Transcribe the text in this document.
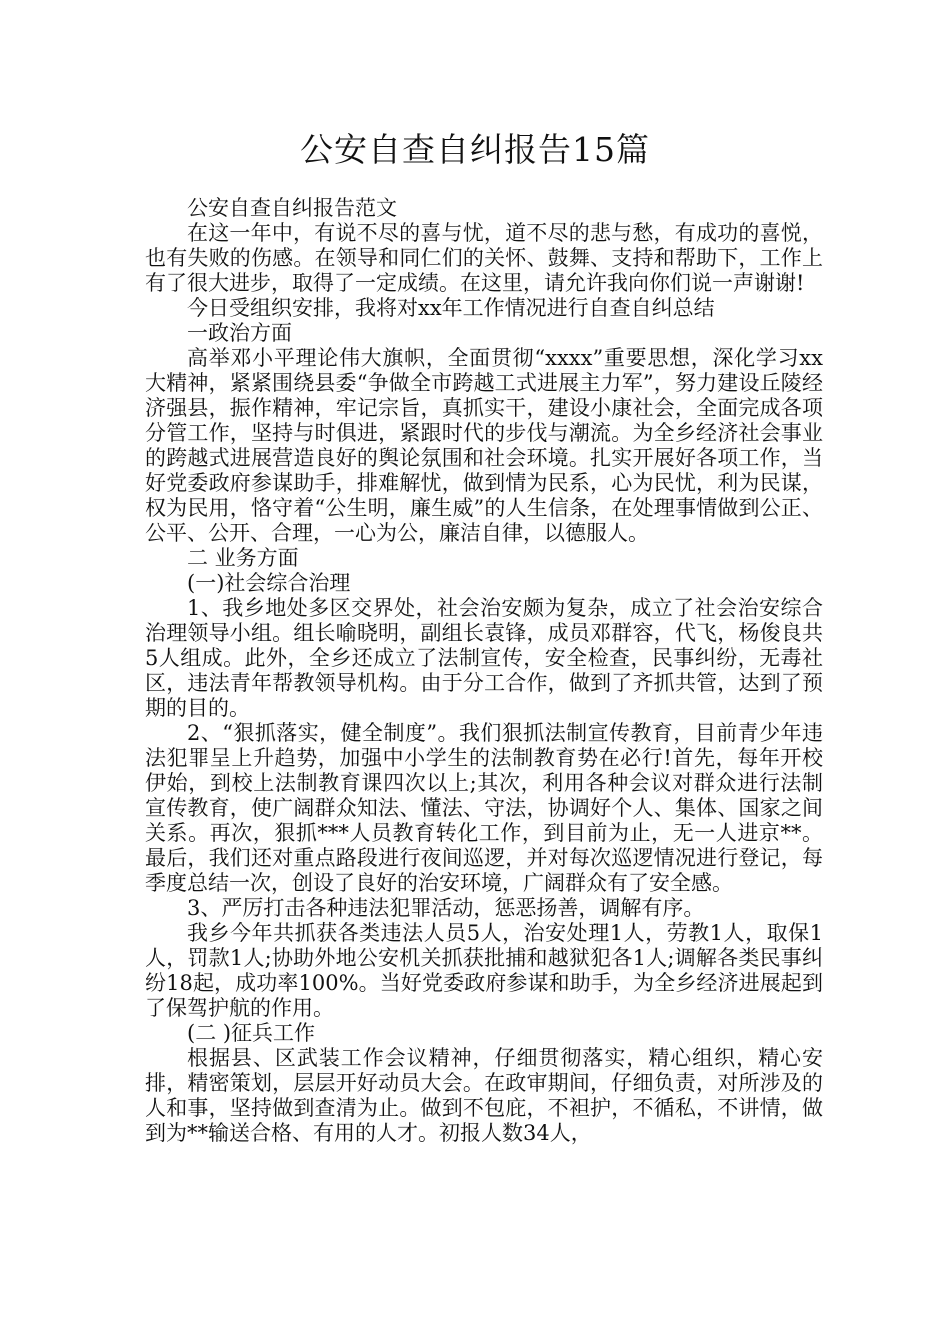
公安自查自纠报告15篇

公安自查自纠报告范文

在这一年中，有说不尽的喜与忧，道不尽的悲与愁，有成功的喜悦，也有失败的伤感。在领导和同仁们的关怀、鼓舞、支持和帮助下，工作上有了很大进步，取得了一定成绩。在这里，请允许我向你们说一声谢谢!

今日受组织安排，我将对xx年工作情况进行自查自纠总结

一政治方面

高举邓小平理论伟大旗帜，全面贯彻“xxxx”重要思想，深化学习xx大精神，紧紧围绕县委“争做全市跨越工式进展主力军”，努力建设丘陵经济强县，振作精神，牢记宗旨，真抓实干，建设小康社会，全面完成各项分管工作，坚持与时俱进，紧跟时代的步伐与潮流。为全乡经济社会事业的跨越式进展营造良好的舆论氛围和社会环境。扎实开展好各项工作，当好党委政府参谋助手，排难解忧，做到情为民系，心为民忧，利为民谋，权为民用，恪守着“公生明，廉生威”的人生信条，在处理事情做到公正、公平、公开、合理，一心为公，廉洁自律，以德服人。

二 业务方面

(一)社会综合治理

1、我乡地处多区交界处，社会治安颇为复杂，成立了社会治安综合治理领导小组。组长喻晓明，副组长袁锋，成员邓群容，代飞，杨俊良共5人组成。此外，全乡还成立了法制宣传，安全检查，民事纠纷，无毒社区，违法青年帮教领导机构。由于分工合作，做到了齐抓共管，达到了预期的目的。

2、“狠抓落实，健全制度”。我们狠抓法制宣传教育，目前青少年违法犯罪呈上升趋势，加强中小学生的法制教育势在必行!首先，每年开校伊始，到校上法制教育课四次以上;其次，利用各种会议对群众进行法制宣传教育，使广阔群众知法、懂法、守法，协调好个人、集体、国家之间关系。再次，狠抓***人员教育转化工作，到目前为止，无一人进京**。最后，我们还对重点路段进行夜间巡逻，并对每次巡逻情况进行登记，每季度总结一次，创设了良好的治安环境，广阔群众有了安全感。

3、严厉打击各种违法犯罪活动，惩恶扬善，调解有序。

我乡今年共抓获各类违法人员5人，治安处理1人，劳教1人，取保1人，罚款1人;协助外地公安机关抓获批捕和越狱犯各1人;调解各类民事纠纷18起，成功率100%。当好党委政府参谋和助手，为全乡经济进展起到了保驾护航的作用。

(二 )征兵工作

根据县、区武装工作会议精神，仔细贯彻落实，精心组织，精心安排，精密策划，层层开好动员大会。在政审期间，仔细负责，对所涉及的人和事，坚持做到查清为止。做到不包庇，不袒护，不循私，不讲情，做到为**输送合格、有用的人才。初报人数34人，
